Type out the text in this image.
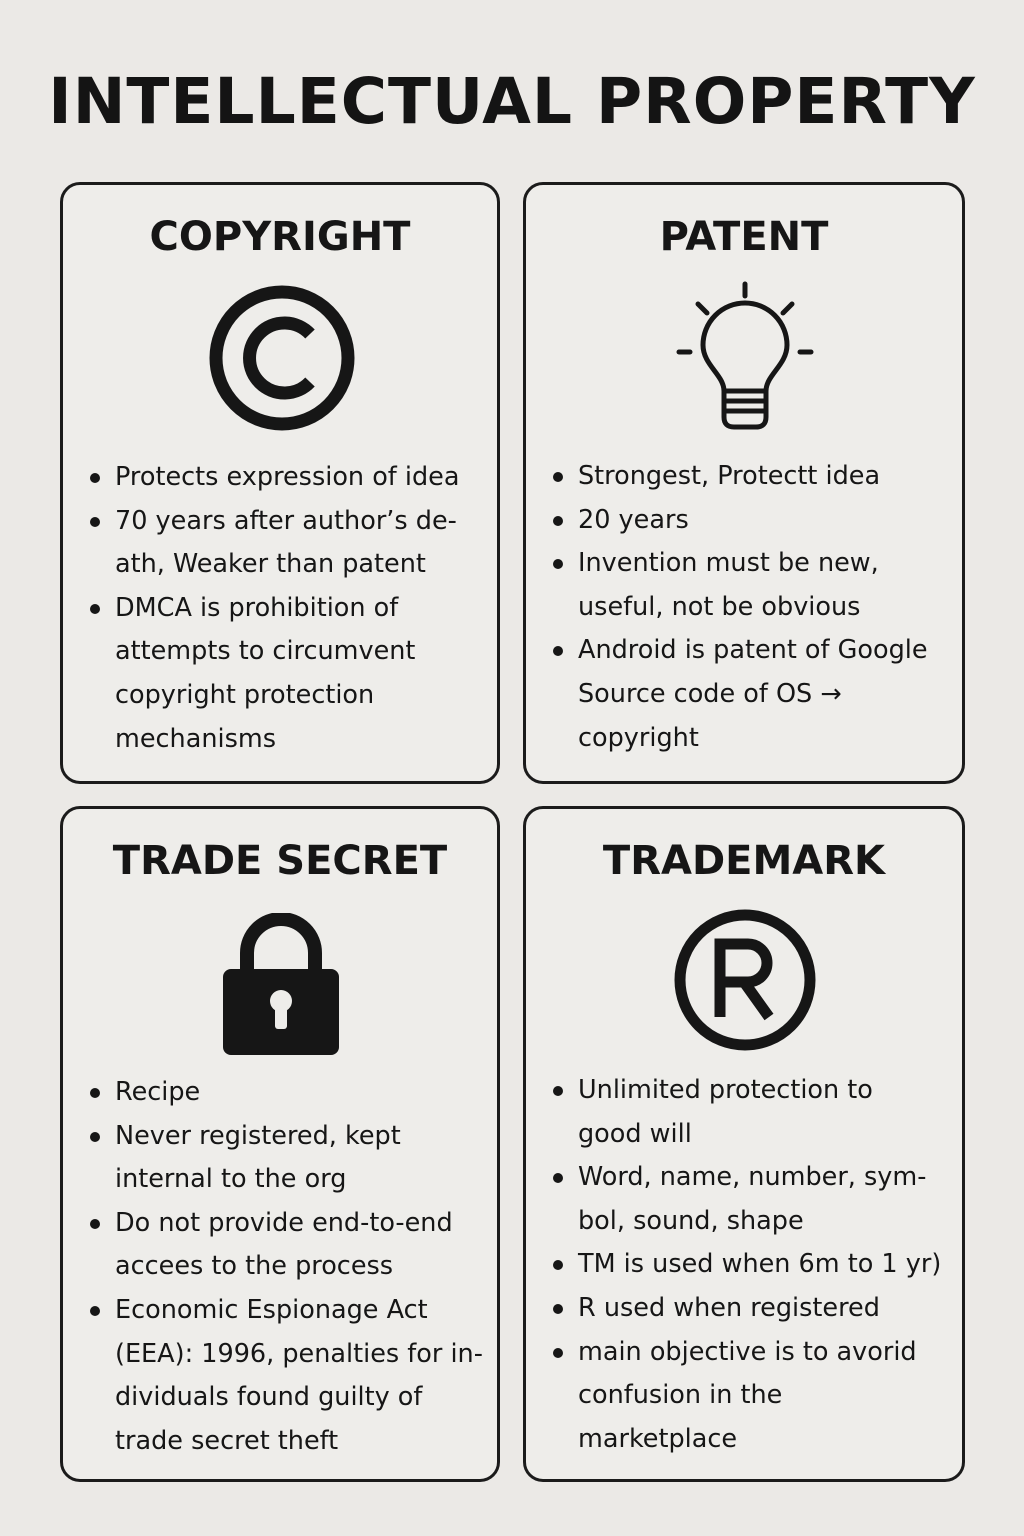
INTELLECTUAL PROPERTY
COPYRIGHT
Protects expression of idea
70 years after author’s de-
ath, Weaker than patent
DMCA is prohibition of
attempts to circumvent
copyright protection
mechanisms
PATENT
Strongest, Protectt idea
20 years
Invention must be new,
useful, not be obvious
Android is patent of Google
Source code of OS →
copyright
TRADE SECRET
Recipe
Never registered, kept
internal to the org
Do not provide end-to-end
accees to the process
Economic Espionage Act
(EEA): 1996, penalties for in-
dividuals found guilty of
trade secret theft
TRADEMARK
Unlimited protection to
good will
Word, name, number, sym-
bol, sound, shape
TM is used when 6m to 1 yr)
R used when registered
main objective is to avorid
confusion in the
marketplace
